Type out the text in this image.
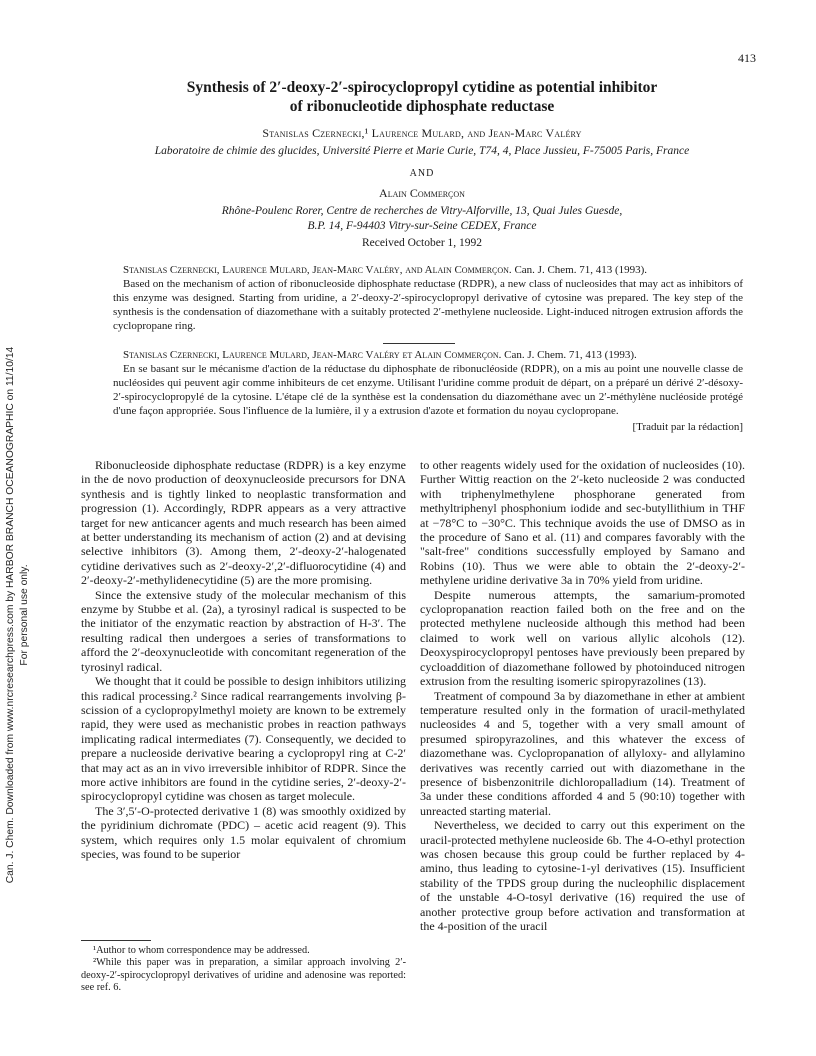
413
Can. J. Chem. Downloaded from www.nrcresearchpress.com by HARBOR BRANCH OCEANOGRAPHIC on 11/10/14 For personal use only.
Synthesis of 2′-deoxy-2′-spirocyclopropyl cytidine as potential inhibitor
of ribonucleotide diphosphate reductase
Stanislas Czernecki,¹ Laurence Mulard, and Jean-Marc Valéry
Laboratoire de chimie des glucides, Université Pierre et Marie Curie, T74, 4, Place Jussieu, F-75005 Paris, France
AND
Alain Commerçon
Rhône-Poulenc Rorer, Centre de recherches de Vitry-Alforville, 13, Quai Jules Guesde,
B.P. 14, F-94403 Vitry-sur-Seine CEDEX, France
Received October 1, 1992
Stanislas Czernecki, Laurence Mulard, Jean-Marc Valéry, and Alain Commerçon. Can. J. Chem. 71, 413 (1993).
Based on the mechanism of action of ribonucleoside diphosphate reductase (RDPR), a new class of nucleosides that may act as inhibitors of this enzyme was designed. Starting from uridine, a 2′-deoxy-2′-spirocyclopropyl derivative of cytosine was prepared. The key step of the synthesis is the condensation of diazomethane with a suitably protected 2′-methylene nucleoside. Light-induced nitrogen extrusion affords the cyclopropane ring.
Stanislas Czernecki, Laurence Mulard, Jean-Marc Valéry et Alain Commerçon. Can. J. Chem. 71, 413 (1993).
En se basant sur le mécanisme d'action de la réductase du diphosphate de ribonucléoside (RDPR), on a mis au point une nouvelle classe de nucléosides qui peuvent agir comme inhibiteurs de cet enzyme. Utilisant l'uridine comme produit de départ, on a préparé un dérivé 2′-désoxy-2′-spirocyclopropylé de la cytosine. L'étape clé de la synthèse est la condensation du diazométhane avec un 2′-méthylène nucléoside protégé d'une façon appropriée. Sous l'influence de la lumière, il y a extrusion d'azote et formation du noyau cyclopropane.
[Traduit par la rédaction]

Ribonucleoside diphosphate reductase (RDPR) is a key enzyme in the de novo production of deoxynucleoside precursors for DNA synthesis and is tightly linked to neoplastic transformation and progression (1). Accordingly, RDPR appears as a very attractive target for new anticancer agents and much research has been aimed at better understanding its mechanism of action (2) and at devising selective inhibitors (3). Among them, 2′-deoxy-2′-halogenated cytidine derivatives such as 2′-deoxy-2′,2′-difluorocytidine (4) and 2′-deoxy-2′-methylidenecytidine (5) are the more promising.

Since the extensive study of the molecular mechanism of this enzyme by Stubbe et al. (2a), a tyrosinyl radical is suspected to be the initiator of the enzymatic reaction by abstraction of H-3′. The resulting radical then undergoes a series of transformations to afford the 2′-deoxynucleotide with concomitant regeneration of the tyrosinyl radical.

We thought that it could be possible to design inhibitors utilizing this radical processing.² Since radical rearrangements involving β-scission of a cyclopropylmethyl moiety are known to be extremely rapid, they were used as mechanistic probes in reaction pathways implicating radical intermediates (7). Consequently, we decided to prepare a nucleoside derivative bearing a cyclopropyl ring at C-2′ that may act as an in vivo irreversible inhibitor of RDPR. Since the more active inhibitors are found in the cytidine series, 2′-deoxy-2′-spirocyclopropyl cytidine was chosen as target molecule.

The 3′,5′-O-protected derivative 1 (8) was smoothly oxidized by the pyridinium dichromate (PDC) – acetic acid reagent (9). This system, which requires only 1.5 molar equivalent of chromium species, was found to be superior

¹Author to whom correspondence may be addressed.

²While this paper was in preparation, a similar approach involving 2′-deoxy-2′-spirocyclopropyl derivatives of uridine and adenosine was reported: see ref. 6.

to other reagents widely used for the oxidation of nucleosides (10). Further Wittig reaction on the 2′-keto nucleoside 2 was conducted with triphenylmethylene phosphorane generated from methyltriphenyl phosphonium iodide and sec-butyllithium in THF at −78°C to −30°C. This technique avoids the use of DMSO as in the procedure of Sano et al. (11) and compares favorably with the "salt-free" conditions successfully employed by Samano and Robins (10). Thus we were able to obtain the 2′-deoxy-2′-methylene uridine derivative 3a in 70% yield from uridine.

Despite numerous attempts, the samarium-promoted cyclopropanation reaction failed both on the free and on the protected methylene nucleoside although this method had been claimed to work well on various allylic alcohols (12). Deoxyspirocyclopropyl pentoses have previously been prepared by cycloaddition of diazomethane followed by photoinduced nitrogen extrusion from the resulting isomeric spiropyrazolines (13).

Treatment of compound 3a by diazomethane in ether at ambient temperature resulted only in the formation of uracil-methylated nucleosides 4 and 5, together with a very small amount of presumed spiropyrazolines, and this whatever the excess of diazomethane was. Cyclopropanation of allyloxy- and allylamino derivatives was recently carried out with diazomethane in the presence of bisbenzonitrile dichloropalladium (14). Treatment of 3a under these conditions afforded 4 and 5 (90:10) together with unreacted starting material.

Nevertheless, we decided to carry out this experiment on the uracil-protected methylene nucleoside 6b. The 4-O-ethyl protection was chosen because this group could be further replaced by 4-amino, thus leading to cytosine-1-yl derivatives (15). Insufficient stability of the TPDS group during the nucleophilic displacement of the unstable 4-O-tosyl derivative (16) required the use of another protective group before activation and transformation at the 4-position of the uracil
